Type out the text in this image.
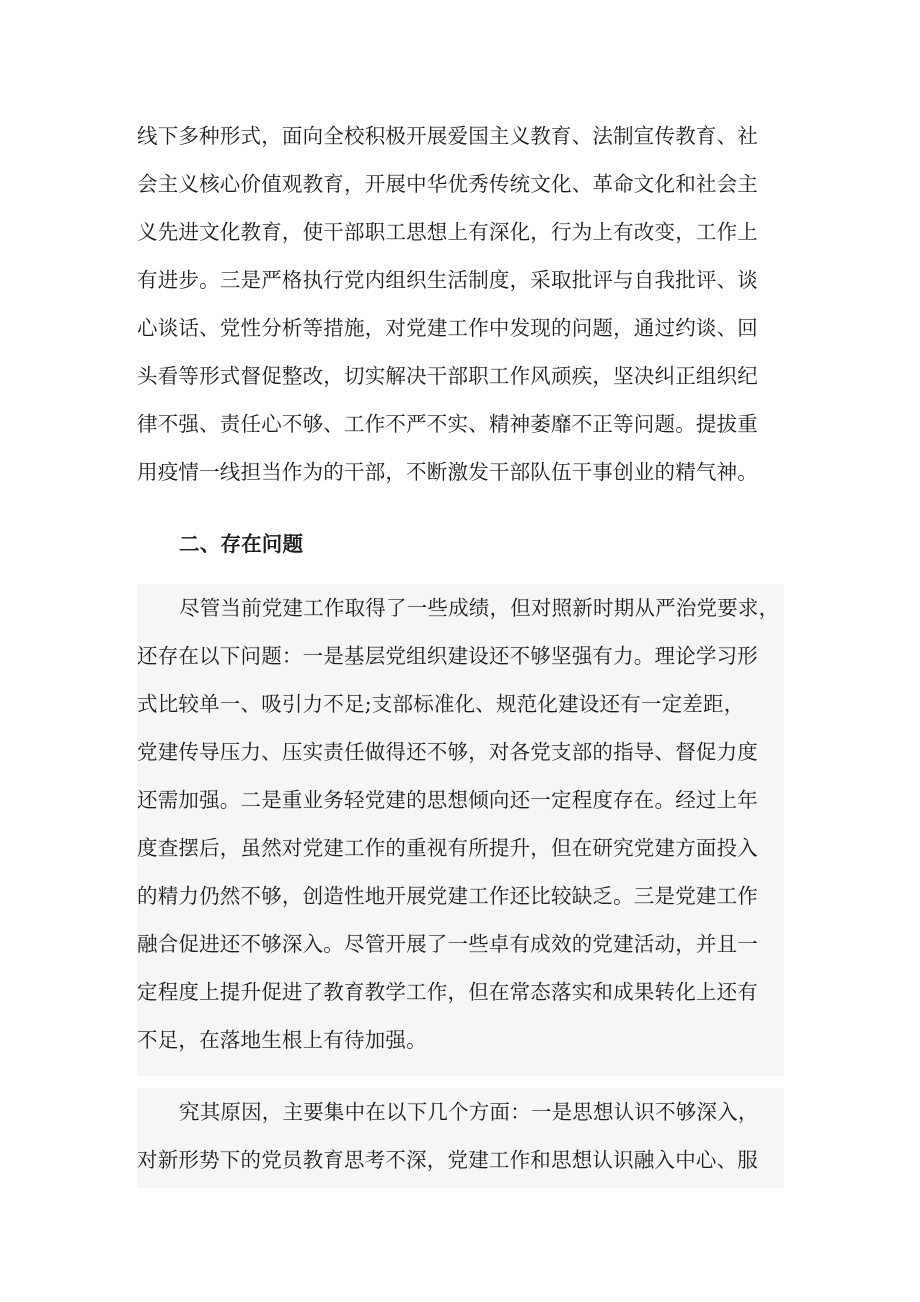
线下多种形式，面向全校积极开展爱国主义教育、法制宣传教育、社
会主义核心价值观教育，开展中华优秀传统文化、革命文化和社会主
义先进文化教育，使干部职工思想上有深化，行为上有改变，工作上
有进步。三是严格执行党内组织生活制度，采取批评与自我批评、谈
心谈话、党性分析等措施，对党建工作中发现的问题，通过约谈、回
头看等形式督促整改，切实解决干部职工作风顽疾，坚决纠正组织纪
律不强、责任心不够、工作不严不实、精神萎靡不正等问题。提拔重
用疫情一线担当作为的干部，不断激发干部队伍干事创业的精气神。
二、存在问题
尽管当前党建工作取得了一些成绩，但对照新时期从严治党要求，
还存在以下问题：一是基层党组织建设还不够坚强有力。理论学习形
式比较单一、吸引力不足;支部标准化、规范化建设还有一定差距，
党建传导压力、压实责任做得还不够，对各党支部的指导、督促力度
还需加强。二是重业务轻党建的思想倾向还一定程度存在。经过上年
度查摆后，虽然对党建工作的重视有所提升，但在研究党建方面投入
的精力仍然不够，创造性地开展党建工作还比较缺乏。三是党建工作
融合促进还不够深入。尽管开展了一些卓有成效的党建活动，并且一
定程度上提升促进了教育教学工作，但在常态落实和成果转化上还有
不足，在落地生根上有待加强。
究其原因，主要集中在以下几个方面：一是思想认识不够深入，
对新形势下的党员教育思考不深，党建工作和思想认识融入中心、服
